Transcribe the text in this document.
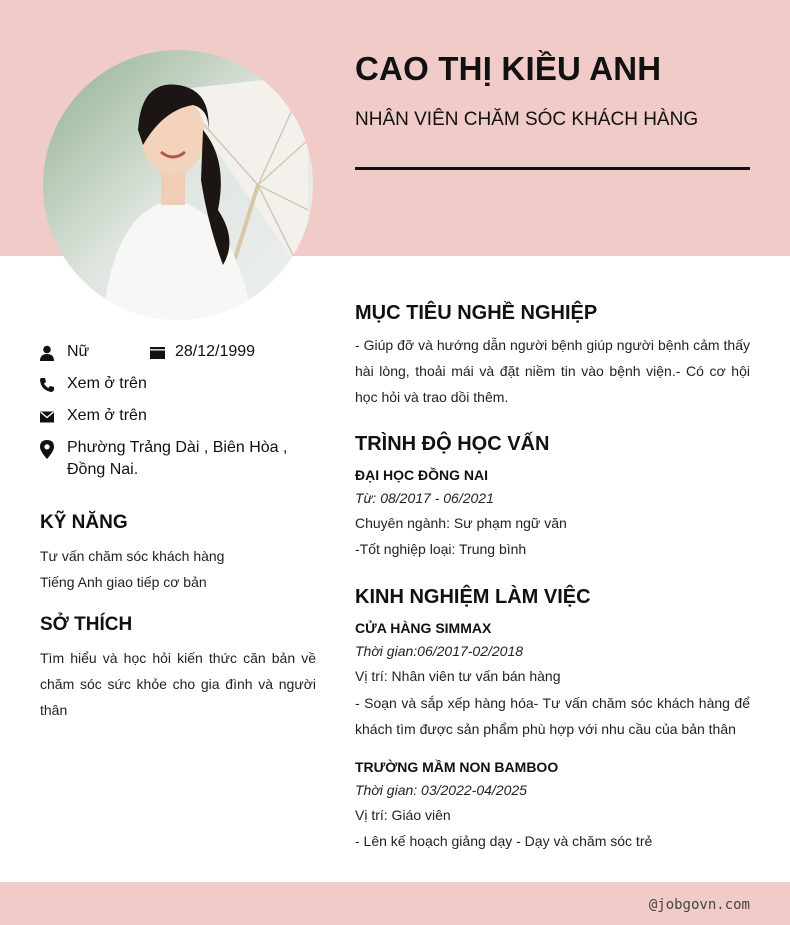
CAO THỊ KIỀU ANH
NHÂN VIÊN CHĂM SÓC KHÁCH HÀNG
Nữ	28/12/1999
Xem ở trên
Xem ở trên
Phường Trảng Dài , Biên Hòa , Đồng Nai.
KỸ NĂNG
Tư vấn chăm sóc khách hàng
Tiếng Anh giao tiếp cơ bản
SỞ THÍCH
Tìm hiểu và học hỏi kiến thức căn bản về chăm sóc sức khỏe cho gia đình và người thân
MỤC TIÊU NGHỀ NGHIỆP
- Giúp đỡ và hướng dẫn người bệnh giúp người bệnh cảm thấy hài lòng, thoải mái và đặt niềm tin vào bệnh viện.- Có cơ hội học hỏi và trao dồi thêm.
TRÌNH ĐỘ HỌC VẤN
ĐẠI HỌC ĐỒNG NAI
Từ: 08/2017 - 06/2021
Chuyên ngành: Sư phạm ngữ văn
-Tốt nghiệp loại: Trung bình
KINH NGHIỆM LÀM VIỆC
CỬA HÀNG SIMMAX
Thời gian:06/2017-02/2018
Vị trí: Nhân viên tư vấn bán hàng
- Soạn và sắp xếp hàng hóa- Tư vấn chăm sóc khách hàng để khách tìm được sản phẩm phù hợp với nhu cầu của bản thân
TRƯỜNG MẦM NON BAMBOO
Thời gian: 03/2022-04/2025
Vị trí: Giáo viên
- Lên kế hoạch giảng dạy - Dạy và chăm sóc trẻ
@jobgovn.com
